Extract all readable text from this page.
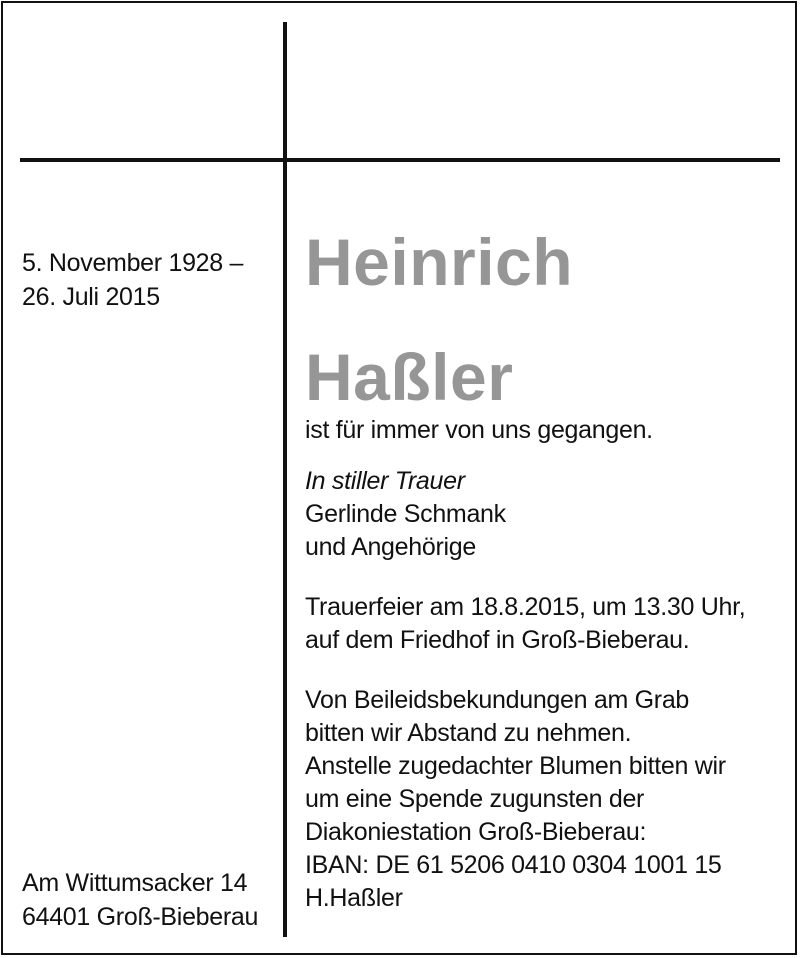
5. November 1928 –
26. Juli 2015	Heinrich
Haßler
ist für immer von uns gegangen.
In stiller Trauer
Gerlinde Schmank
und Angehörige
Trauerfeier am 18.8.2015, um 13.30 Uhr,
auf dem Friedhof in Groß-Bieberau.
Von Beileidsbekundungen am Grab
bitten wir Abstand zu nehmen.
Anstelle zugedachter Blumen bitten wir
um eine Spende zugunsten der
Diakoniestation Groß-Bieberau:
IBAN: DE 61 5206 0410 0304 1001 15
H.Haßler
Am Wittumsacker 14
64401 Groß-Bieberau
